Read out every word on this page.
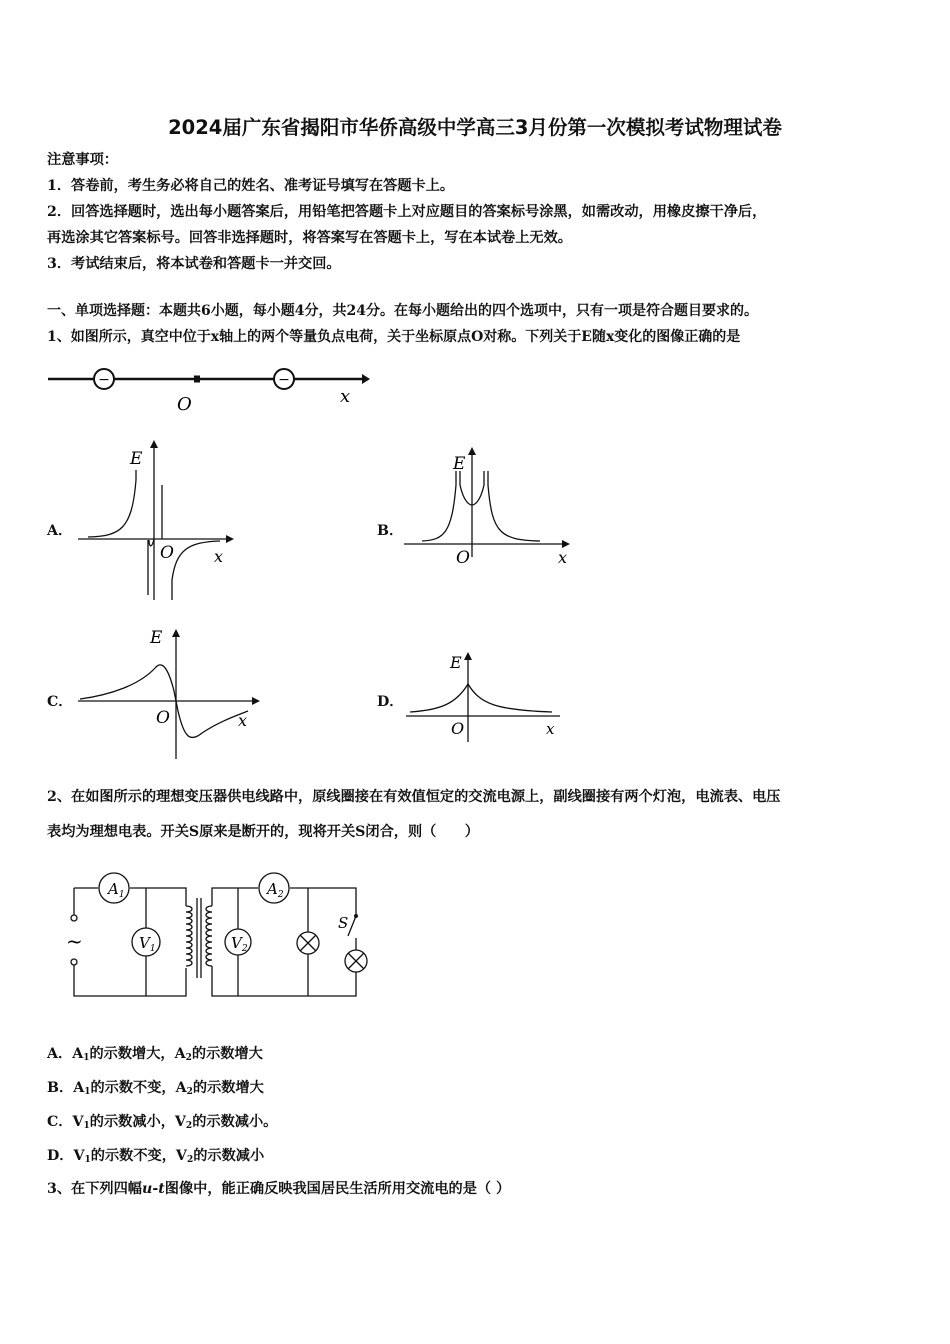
2024届广东省揭阳市华侨高级中学高三3月份第一次模拟考试物理试卷
注意事项：
1．答卷前，考生务必将自己的姓名、准考证号填写在答题卡上。
2．回答选择题时，选出每小题答案后，用铅笔把答题卡上对应题目的答案标号涂黑，如需改动，用橡皮擦干净后，
再选涂其它答案标号。回答非选择题时，将答案写在答题卡上，写在本试卷上无效。
3．考试结束后，将本试卷和答题卡一并交回。
一、单项选择题：本题共6小题，每小题4分，共24分。在每小题给出的四个选项中，只有一项是符合题目要求的。
1、如图所示，真空中位于x轴上的两个等量负点电荷，关于坐标原点O对称。下列关于E随x变化的图像正确的是
−	−
O	x
A．
E
O	x
B．
E
O	x
C．
E
O	x
D．
E
O	x
2、在如图所示的理想变压器供电线路中，原线圈接在有效值恒定的交流电源上，副线圈接有两个灯泡，电流表、电压
表均为理想电表。开关S原来是断开的，现将开关S闭合，则（　　）
~
$A_1$
$V_1$
$A_2$
$V_2$
S
A．$A_1$的示数增大，$A_2$的示数增大
B．$A_1$的示数不变，$A_2$的示数增大
C．$V_1$的示数减小，$V_2$的示数减小。
D．$V_1$的示数不变，$V_2$的示数减小
3、在下列四幅u-t图像中，能正确反映我国居民生活所用交流电的是（ ）
